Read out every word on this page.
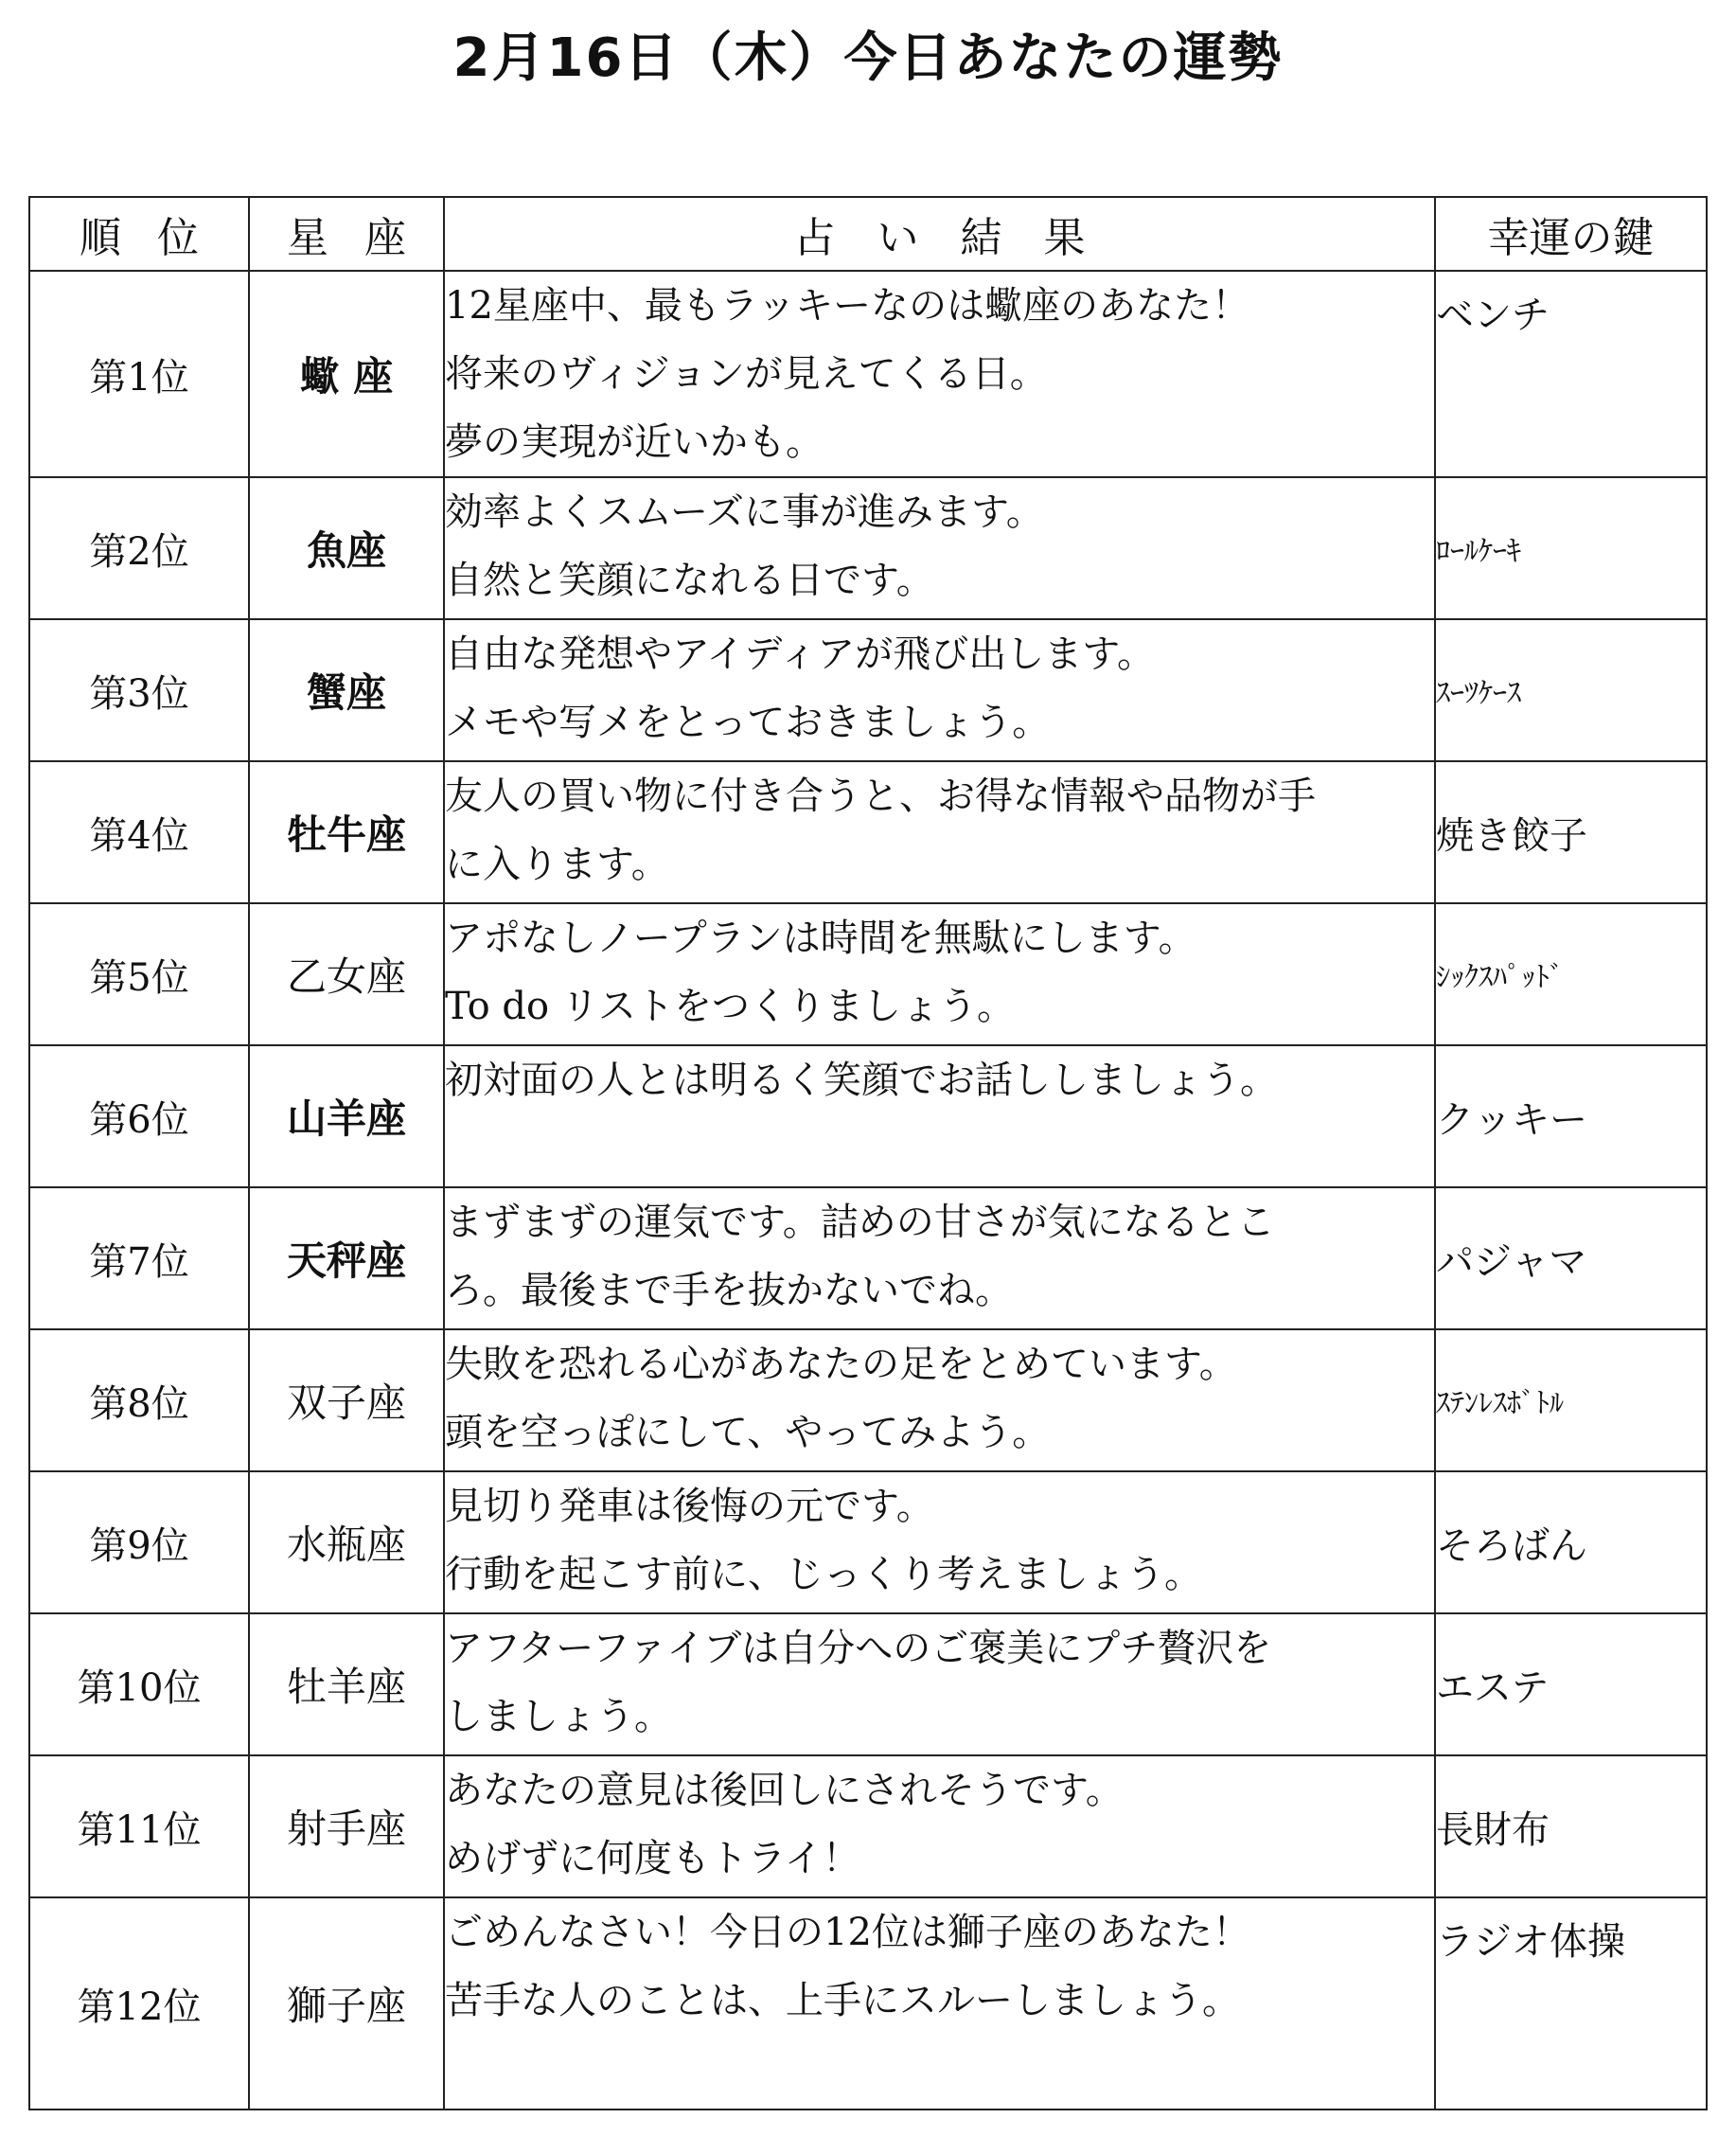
2月16日（木）今日あなたの運勢
順位	星座	占い結果	幸運の鍵
第1位	蠍 座	12星座中、最もラッキーなのは蠍座のあなた！
将来のヴィジョンが見えてくる日。
夢の実現が近いかも。	ベンチ
第2位	魚座	効率よくスムーズに事が進みます。
自然と笑顔になれる日です。	ﾛｰﾙｹｰｷ
第3位	蟹座	自由な発想やアイディアが飛び出します。
メモや写メをとっておきましょう。	ｽｰﾂｹｰｽ
第4位	牡牛座	友人の買い物に付き合うと、お得な情報や品物が手
に入ります。	焼き餃子
第5位	乙女座	アポなしノープランは時間を無駄にします。
To do リストをつくりましょう。	ｼｯｸｽﾊﾟｯﾄﾞ
第6位	山羊座	初対面の人とは明るく笑顔でお話ししましょう。	クッキー
第7位	天秤座	まずまずの運気です。詰めの甘さが気になるとこ
ろ。最後まで手を抜かないでね。	パジャマ
第8位	双子座	失敗を恐れる心があなたの足をとめています。
頭を空っぽにして、やってみよう。	ｽﾃﾝﾚｽﾎﾞﾄﾙ
第9位	水瓶座	見切り発車は後悔の元です。
行動を起こす前に、じっくり考えましょう。	そろばん
第10位	牡羊座	アフターファイブは自分へのご褒美にプチ贅沢を
しましょう。	エステ
第11位	射手座	あなたの意見は後回しにされそうです。
めげずに何度もトライ！	長財布
第12位	獅子座	ごめんなさい！今日の12位は獅子座のあなた！
苦手な人のことは、上手にスルーしましょう。	ラジオ体操
